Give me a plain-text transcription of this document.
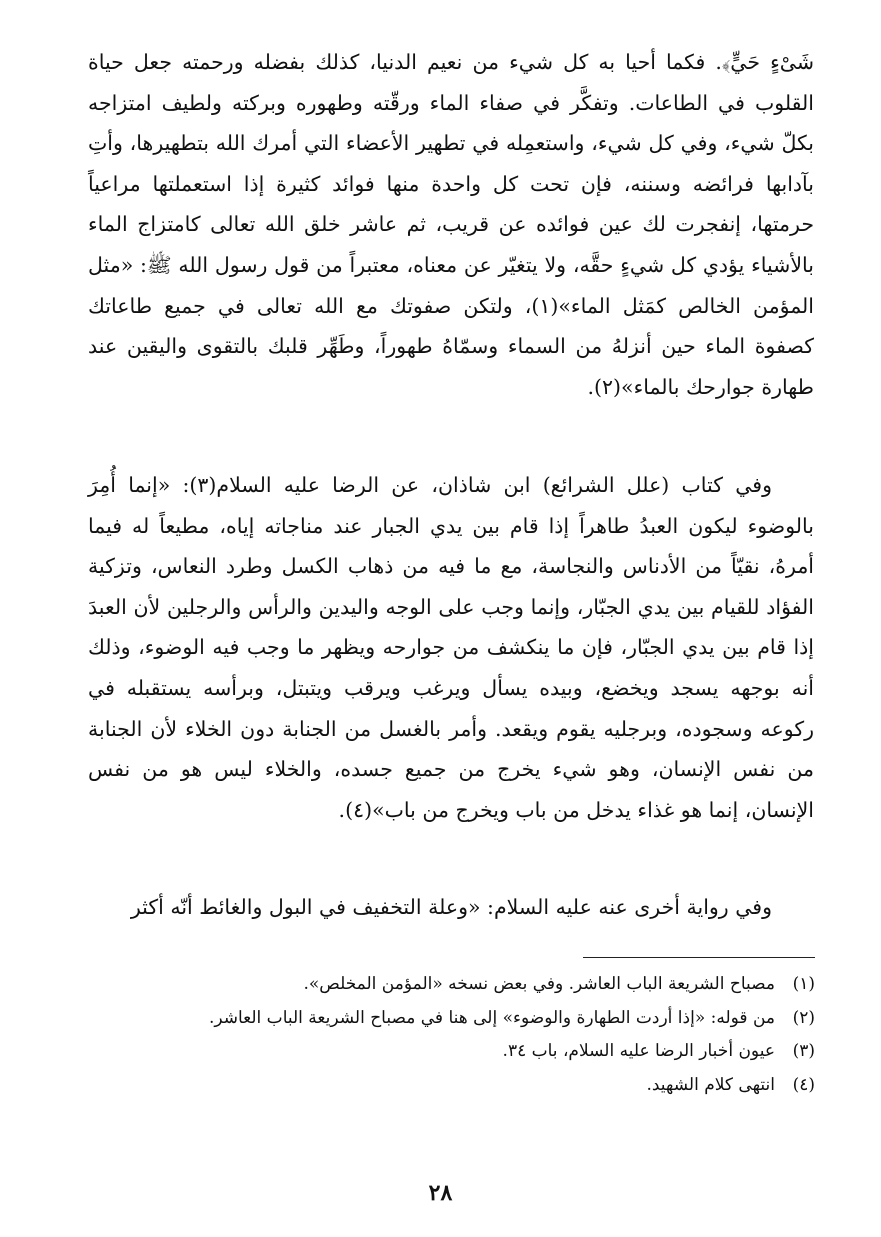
شَىْءٍ حَيٍّ﴾. فكما أحيا به كل شيء من نعيم الدنيا، كذلك بفضله ورحمته جعل حياة القلوب في الطاعات. وتفكَّر في صفاء الماء ورقّته وطهوره وبركته ولطيف امتزاجه بكلّ شيء، وفي كل شيء، واستعمِله في تطهير الأعضاء التي أمرك الله بتطهيرها، وأتِ بآدابها فرائضه وسننه، فإن تحت كل واحدة منها فوائد كثيرة إذا استعملتها مراعياً حرمتها، إنفجرت لك عين فوائده عن قريب، ثم عاشر خلق الله تعالى كامتزاج الماء بالأشياء يؤدي كل شيءٍ حقَّه، ولا يتغيّر عن معناه، معتبراً من قول رسول الله ﷺ: «مثل المؤمن الخالص كمَثل الماء»(١)، ولتكن صفوتك مع الله تعالى في جميع طاعاتك كصفوة الماء حين أنزلهُ من السماء وسمّاهُ طهوراً، وطَهِّر قلبك بالتقوى واليقين عند طهارة جوارحك بالماء»(٢).

وفي كتاب (علل الشرائع) ابن شاذان، عن الرضا عليه السلام(٣): «إنما أُمِرَ بالوضوء ليكون العبدُ طاهراً إذا قام بين يدي الجبار عند مناجاته إياه، مطيعاً له فيما أمرهُ، نقيّاً من الأدناس والنجاسة، مع ما فيه من ذهاب الكسل وطرد النعاس، وتزكية الفؤاد للقيام بين يدي الجبّار، وإنما وجب على الوجه واليدين والرأس والرجلين لأن العبدَ إذا قام بين يدي الجبّار، فإن ما ينكشف من جوارحه ويظهر ما وجب فيه الوضوء، وذلك أنه بوجهه يسجد ويخضع، وبيده يسأل ويرغب ويرقب ويتبتل، وبرأسه يستقبله في ركوعه وسجوده، وبرجليه يقوم ويقعد. وأمر بالغسل من الجنابة دون الخلاء لأن الجنابة من نفس الإنسان، وهو شيء يخرج من جميع جسده، والخلاء ليس هو من نفس الإنسان، إنما هو غذاء يدخل من باب ويخرج من باب»(٤).

وفي رواية أخرى عنه عليه السلام: «وعلة التخفيف في البول والغائط أنّه أكثر

(١)
مصباح الشريعة الباب العاشر. وفي بعض نسخه «المؤمن المخلص».
(٢)
من قوله: «إذا أردت الطهارة والوضوء» إلى هنا في مصباح الشريعة الباب العاشر.
(٣)
عيون أخبار الرضا عليه السلام، باب ٣٤.
(٤)
انتهى كلام الشهيد.
٢٨
